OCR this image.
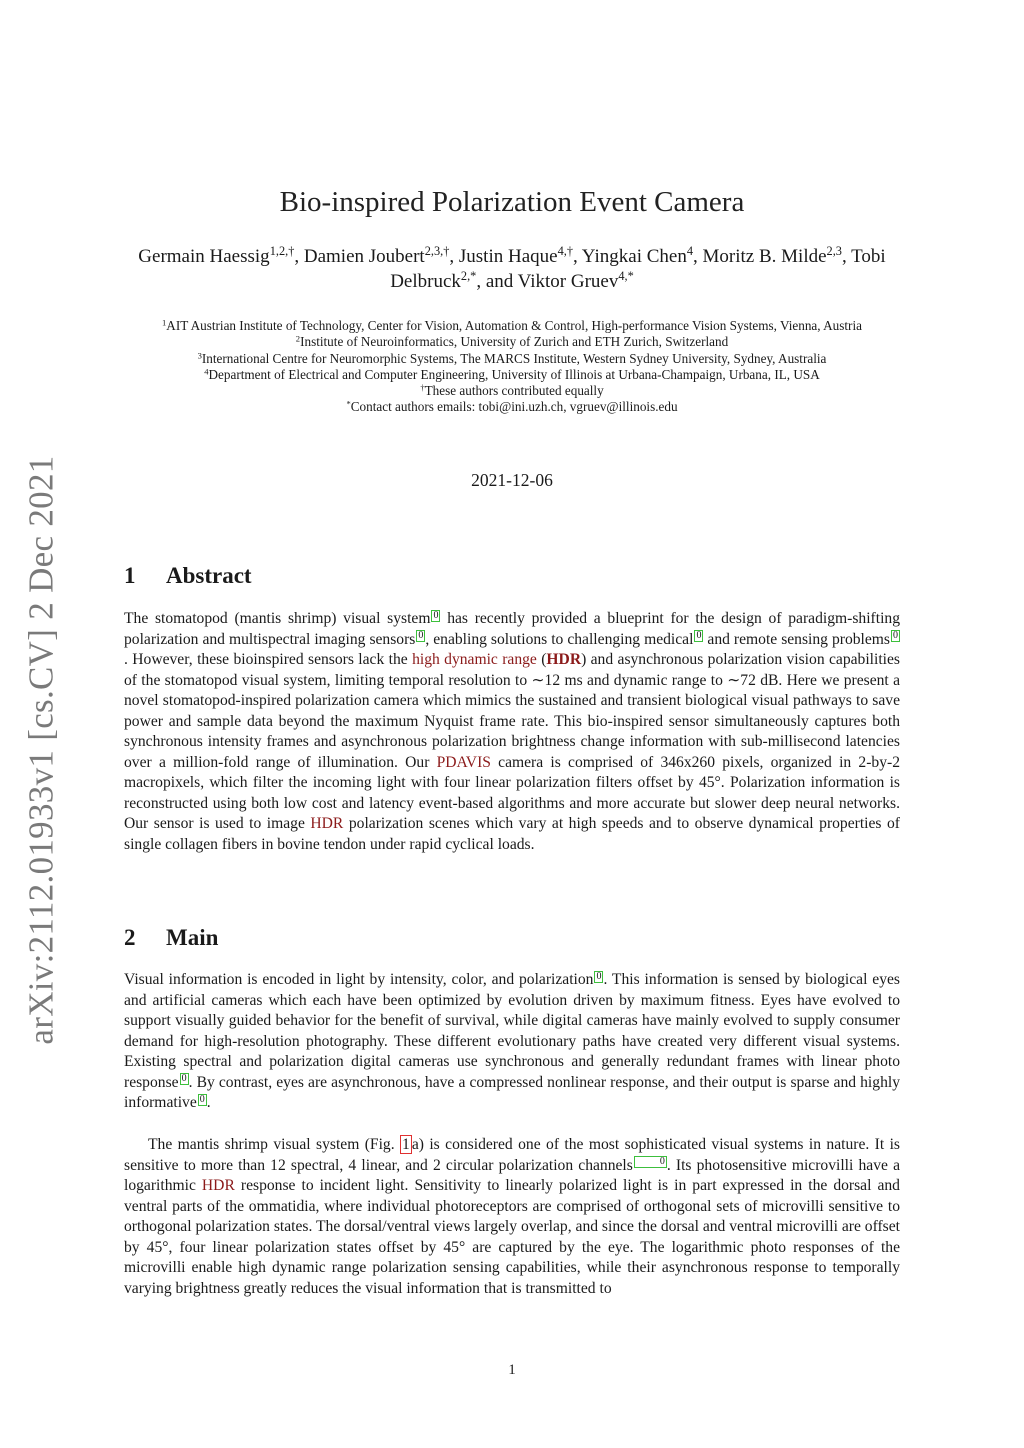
arXiv:2112.01933v1 [cs.CV] 2 Dec 2021
Bio-inspired Polarization Event Camera
Germain Haessig$^{1,2,\dagger}$, Damien Joubert$^{2,3,\dagger}$, Justin Haque$^{4,\dagger}$, Yingkai Chen$^4$, Moritz B. Milde$^{2,3}$, Tobi Delbruck$^{2,*}$, and Viktor Gruev$^{4,*}$
$^1$AIT Austrian Institute of Technology, Center for Vision, Automation & Control, High-performance Vision Systems, Vienna, Austria
$^2$Institute of Neuroinformatics, University of Zurich and ETH Zurich, Switzerland
$^3$International Centre for Neuromorphic Systems, The MARCS Institute, Western Sydney University, Sydney, Australia
$^4$Department of Electrical and Computer Engineering, University of Illinois at Urbana-Champaign, Urbana, IL, USA
†These authors contributed equally
*Contact authors emails: tobi@ini.uzh.ch, vgruev@illinois.edu
2021-12-06
1 Abstract

The stomatopod (mantis shrimp) visual system 0 has recently provided a blueprint for the design of paradigm-shifting polarization and multispectral imaging sensors 0 , enabling solutions to challenging medical 0 and remote sensing problems 0. However, these bioinspired sensors lack the high dynamic range (HDR) and asynchronous polarization vision capabilities of the stomatopod visual system, limiting temporal resolution to ∼12 ms and dynamic range to ∼72 dB. Here we present a novel stomatopod-inspired polarization camera which mimics the sustained and transient biological visual pathways to save power and sample data beyond the maximum Nyquist frame rate. This bio-inspired sensor simultaneously captures both synchronous intensity frames and asynchronous polarization brightness change information with sub-millisecond latencies over a million-fold range of illumination. Our PDAVIS camera is comprised of 346x260 pixels, organized in 2-by-2 macropixels, which filter the incoming light with four linear polarization filters offset by 45°. Polarization information is reconstructed using both low cost and latency event-based algorithms and more accurate but slower deep neural networks. Our sensor is used to image HDR polarization scenes which vary at high speeds and to observe dynamical properties of single collagen fibers in bovine tendon under rapid cyclical loads.

2 Main

Visual information is encoded in light by intensity, color, and polarization 0 . This information is sensed by biological eyes and artificial cameras which each have been optimized by evolution driven by maximum fitness. Eyes have evolved to support visually guided behavior for the benefit of survival, while digital cameras have mainly evolved to supply consumer demand for high-resolution photography. These different evolutionary paths have created very different visual systems. Existing spectral and polarization digital cameras use synchronous and generally redundant frames with linear photo response 0 . By contrast, eyes are asynchronous, have a compressed nonlinear response, and their output is sparse and highly informative 0 .

The mantis shrimp visual system (Fig. 1 a) is considered one of the most sophisticated visual systems in nature. It is sensitive to more than 12 spectral, 4 linear, and 2 circular polarization channels	0 . Its photosensitive microvilli have a logarithmic HDR response to incident light. Sensitivity to linearly polarized light is in part expressed in the dorsal and ventral parts of the ommatidia, where individual photoreceptors are comprised of orthogonal sets of microvilli sensitive to orthogonal polarization states. The dorsal/ventral views largely overlap, and since the dorsal and ventral microvilli are offset by 45°, four linear polarization states offset by 45° are captured by the eye. The logarithmic photo responses of the microvilli enable high dynamic range polarization sensing capabilities, while their asynchronous response to temporally varying brightness greatly reduces the visual information that is transmitted to

1
